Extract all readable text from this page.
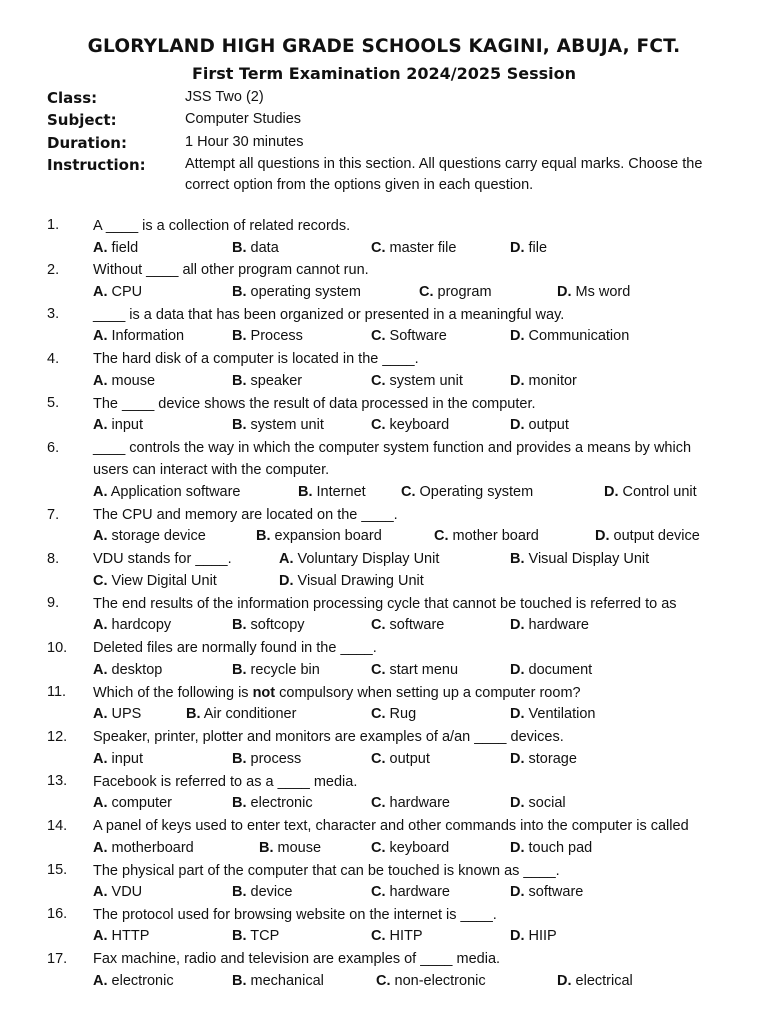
GLORYLAND HIGH GRADE SCHOOLS KAGINI, ABUJA, FCT.
First Term Examination 2024/2025 Session
Class:	JSS Two (2)
Subject:	Computer Studies
Duration:	1 Hour 30 minutes
Instruction:	Attempt all questions in this section. All questions carry equal marks. Choose the correct option from the options given in each question.
1. A ____ is a collection of related records.
A. field	B. data	C. master file	D. file
2. Without ____ all other program cannot run.
A. CPU	B. operating system	C. program	D. Ms word
3. ____ is a data that has been organized or presented in a meaningful way.
A. Information	B. Process	C. Software	D. Communication
4. The hard disk of a computer is located in the ____.
A. mouse	B. speaker	C. system unit	D. monitor
5. The ____ device shows the result of data processed in the computer.
A. input	B. system unit	C. keyboard	D. output
6. ____ controls the way in which the computer system function and provides a means by which users can interact with the computer.
A. Application software	B. Internet C. Operating system	D. Control unit
7. The CPU and memory are located on the ____.
A. storage device	B. expansion board	C. mother board	D. output device
8. VDU stands for ____.	A. Voluntary Display Unit	B. Visual Display Unit
C. View Digital Unit	D. Visual Drawing Unit
9. The end results of the information processing cycle that cannot be touched is referred to as
A. hardcopy	B. softcopy	C. software	D. hardware
10. Deleted files are normally found in the ____.
A. desktop	B. recycle bin	C. start menu	D. document
11. Which of the following is not compulsory when setting up a computer room?
A. UPS	B. Air conditioner	C. Rug	D. Ventilation
12. Speaker, printer, plotter and monitors are examples of a/an ____ devices.
A. input	B. process	C. output	D. storage
13. Facebook is referred to as a ____ media.
A. computer	B. electronic	C. hardware	D. social
14. A panel of keys used to enter text, character and other commands into the computer is called
A. motherboard	B. mouse	C. keyboard	D. touch pad
15. The physical part of the computer that can be touched is known as ____.
A. VDU	B. device	C. hardware	D. software
16. The protocol used for browsing website on the internet is ____.
A. HTTP	B. TCP	C. HITP	D. HIIP
17. Fax machine, radio and television are examples of ____ media.
A. electronic	B. mechanical	C. non-electronic	D. electrical
